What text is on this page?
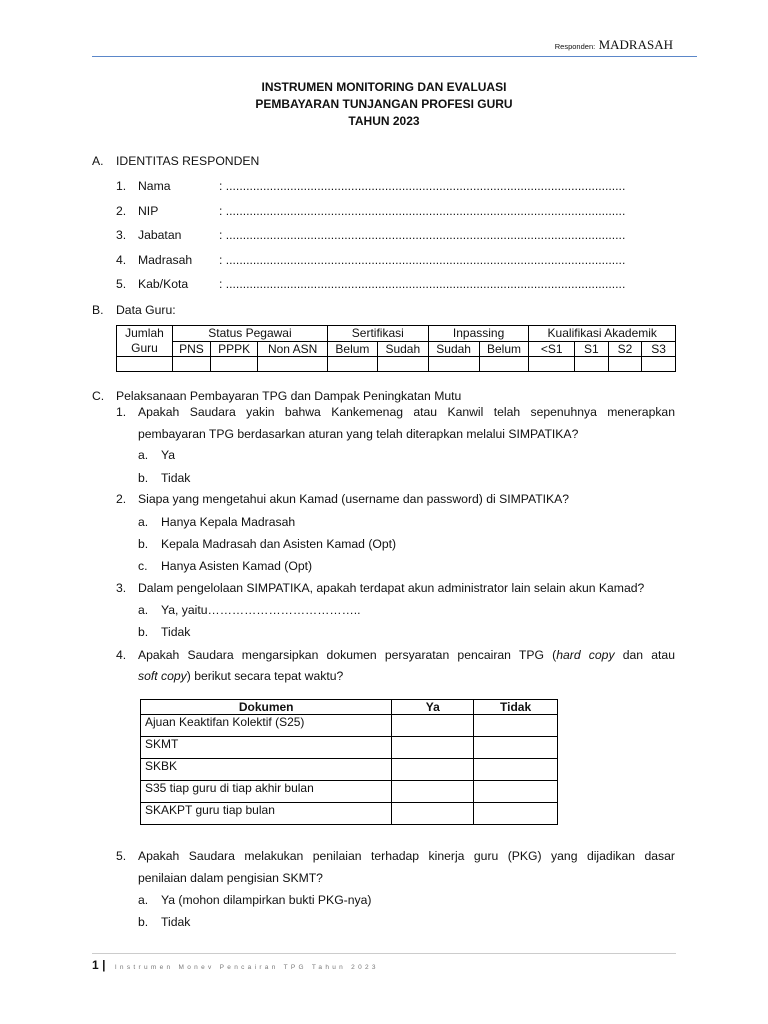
Responden: MADRASAH
INSTRUMEN MONITORING DAN EVALUASI
PEMBAYARAN TUNJANGAN PROFESI GURU
TAHUN 2023
A. IDENTITAS RESPONDEN
1. Nama	: ......................................................................................................................
2. NIP	: ......................................................................................................................
3. Jabatan	: ......................................................................................................................
4. Madrasah : ......................................................................................................................
5. Kab/Kota	: ......................................................................................................................
B. Data Guru:
Jumlah
Guru	Status Pegawai			Sertifikasi		Inpassing		Kualifikasi Akademik			
	PNS	PPPK	Non ASN	Belum	Sudah	Sudah	Belum	<S1	S1	S2	S3

C. Pelaksanaan Pembayaran TPG dan Dampak Peningkatan Mutu
1. Apakah Saudara yakin bahwa Kankemenag atau Kanwil telah sepenuhnya menerapkan
pembayaran TPG berdasarkan aturan yang telah diterapkan melalui SIMPATIKA?
a. Ya
b. Tidak
2. Siapa yang mengetahui akun Kamad (username dan password) di SIMPATIKA?
a. Hanya Kepala Madrasah
b. Kepala Madrasah dan Asisten Kamad (Opt)
c. Hanya Asisten Kamad (Opt)
3. Dalam pengelolaan SIMPATIKA, apakah terdapat akun administrator lain selain akun Kamad?
a. Ya, yaitu………………………………..
b. Tidak
4. Apakah Saudara mengarsipkan dokumen persyaratan pencairan TPG (hard copy dan atau
soft copy) berikut secara tepat waktu?
Dokumen	Ya	Tidak
Ajuan Keaktifan Kolektif (S25)		
SKMT		
SKBK		
S35 tiap guru di tiap akhir bulan		
SKAKPT guru tiap bulan		
5. Apakah Saudara melakukan penilaian terhadap kinerja guru (PKG) yang dijadikan dasar
penilaian dalam pengisian SKMT?
a. Ya (mohon dilampirkan bukti PKG-nya)
b. Tidak
1 | Instrumen Monev Pencairan TPG Tahun 2023
